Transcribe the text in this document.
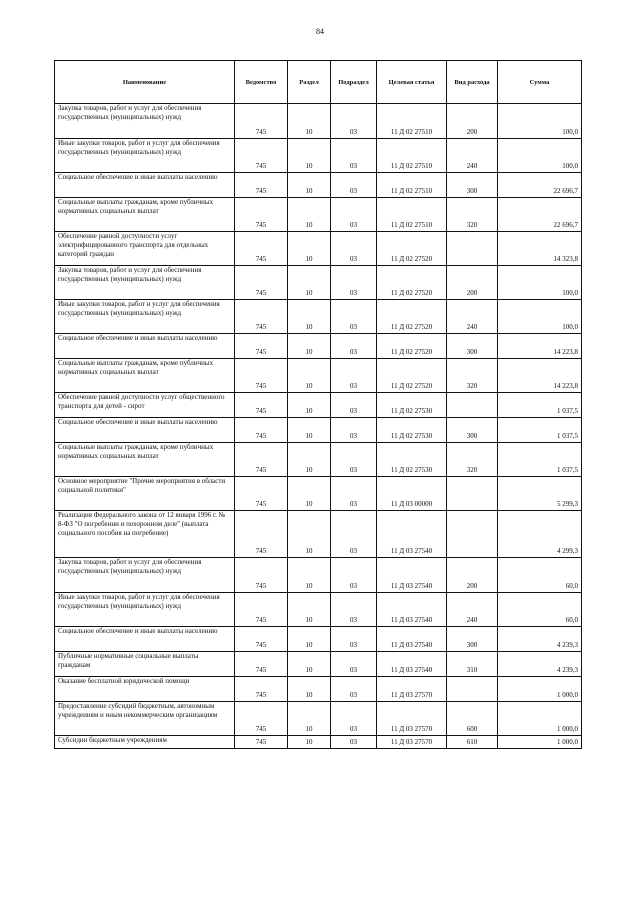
84
Наименование	Ведомство	Раздел	Подраздел	Целевая статья	Вид расхода	Сумма
Закупка товаров, работ и услуг для обеспечения государственных (муниципальных) нужд	745	10	03	11 Д 02 27510	200	100,0
Иные закупки товаров, работ и услуг для обеспечения государственных (муниципальных) нужд	745	10	03	11 Д 02 27510	240	100,0
Социальное обеспечение и иные выплаты населению	745	10	03	11 Д 02 27510	300	22 696,7
Социальные выплаты гражданам, кроме публичных нормативных социальных выплат	745	10	03	11 Д 02 27510	320	22 696,7
Обеспечение равной доступности услуг электрифицированного транспорта для отдельных категорий граждан	745	10	03	11 Д 02 27520		14 323,8
Закупка товаров, работ и услуг для обеспечения государственных (муниципальных) нужд	745	10	03	11 Д 02 27520	200	100,0
Иные закупки товаров, работ и услуг для обеспечения государственных (муниципальных) нужд	745	10	03	11 Д 02 27520	240	100,0
Социальное обеспечение и иные выплаты населению	745	10	03	11 Д 02 27520	300	14 223,8
Социальные выплаты гражданам, кроме публичных нормативных социальных выплат	745	10	03	11 Д 02 27520	320	14 223,8
Обеспечение равной доступности услуг общественного транспорта для детей - сирот	745	10	03	11 Д 02 27530		1 037,5
Социальное обеспечение и иные выплаты населению	745	10	03	11 Д 02 27530	300	1 037,5
Социальные выплаты гражданам, кроме публичных нормативных социальных выплат	745	10	03	11 Д 02 27530	320	1 037,5
Основное мероприятие "Прочие мероприятия в области социальной политики"	745	10	03	11 Д 03 00000		5 299,3
Реализация Федерального закона от 12 января 1996 г. № 8-ФЗ "О погребении и похоронном деле" (выплата социального пособия на погребение)	745	10	03	11 Д 03 27540		4 299,3
Закупка товаров, работ и услуг для обеспечения государственных (муниципальных) нужд	745	10	03	11 Д 03 27540	200	60,0
Иные закупки товаров, работ и услуг для обеспечения государственных (муниципальных) нужд	745	10	03	11 Д 03 27540	240	60,0
Социальное обеспечение и иные выплаты населению	745	10	03	11 Д 03 27540	300	4 239,3
Публичные нормативные социальные выплаты гражданам	745	10	03	11 Д 03 27540	310	4 239,3
Оказание бесплатной юридической помощи	745	10	03	11 Д 03 27570		1 000,0
Предоставление субсидий бюджетным, автономным учреждениям и иным некоммерческим организациям	745	10	03	11 Д 03 27570	600	1 000,0
Субсидии бюджетным учреждениям	745	10	03	11 Д 03 27570	610	1 000,0
